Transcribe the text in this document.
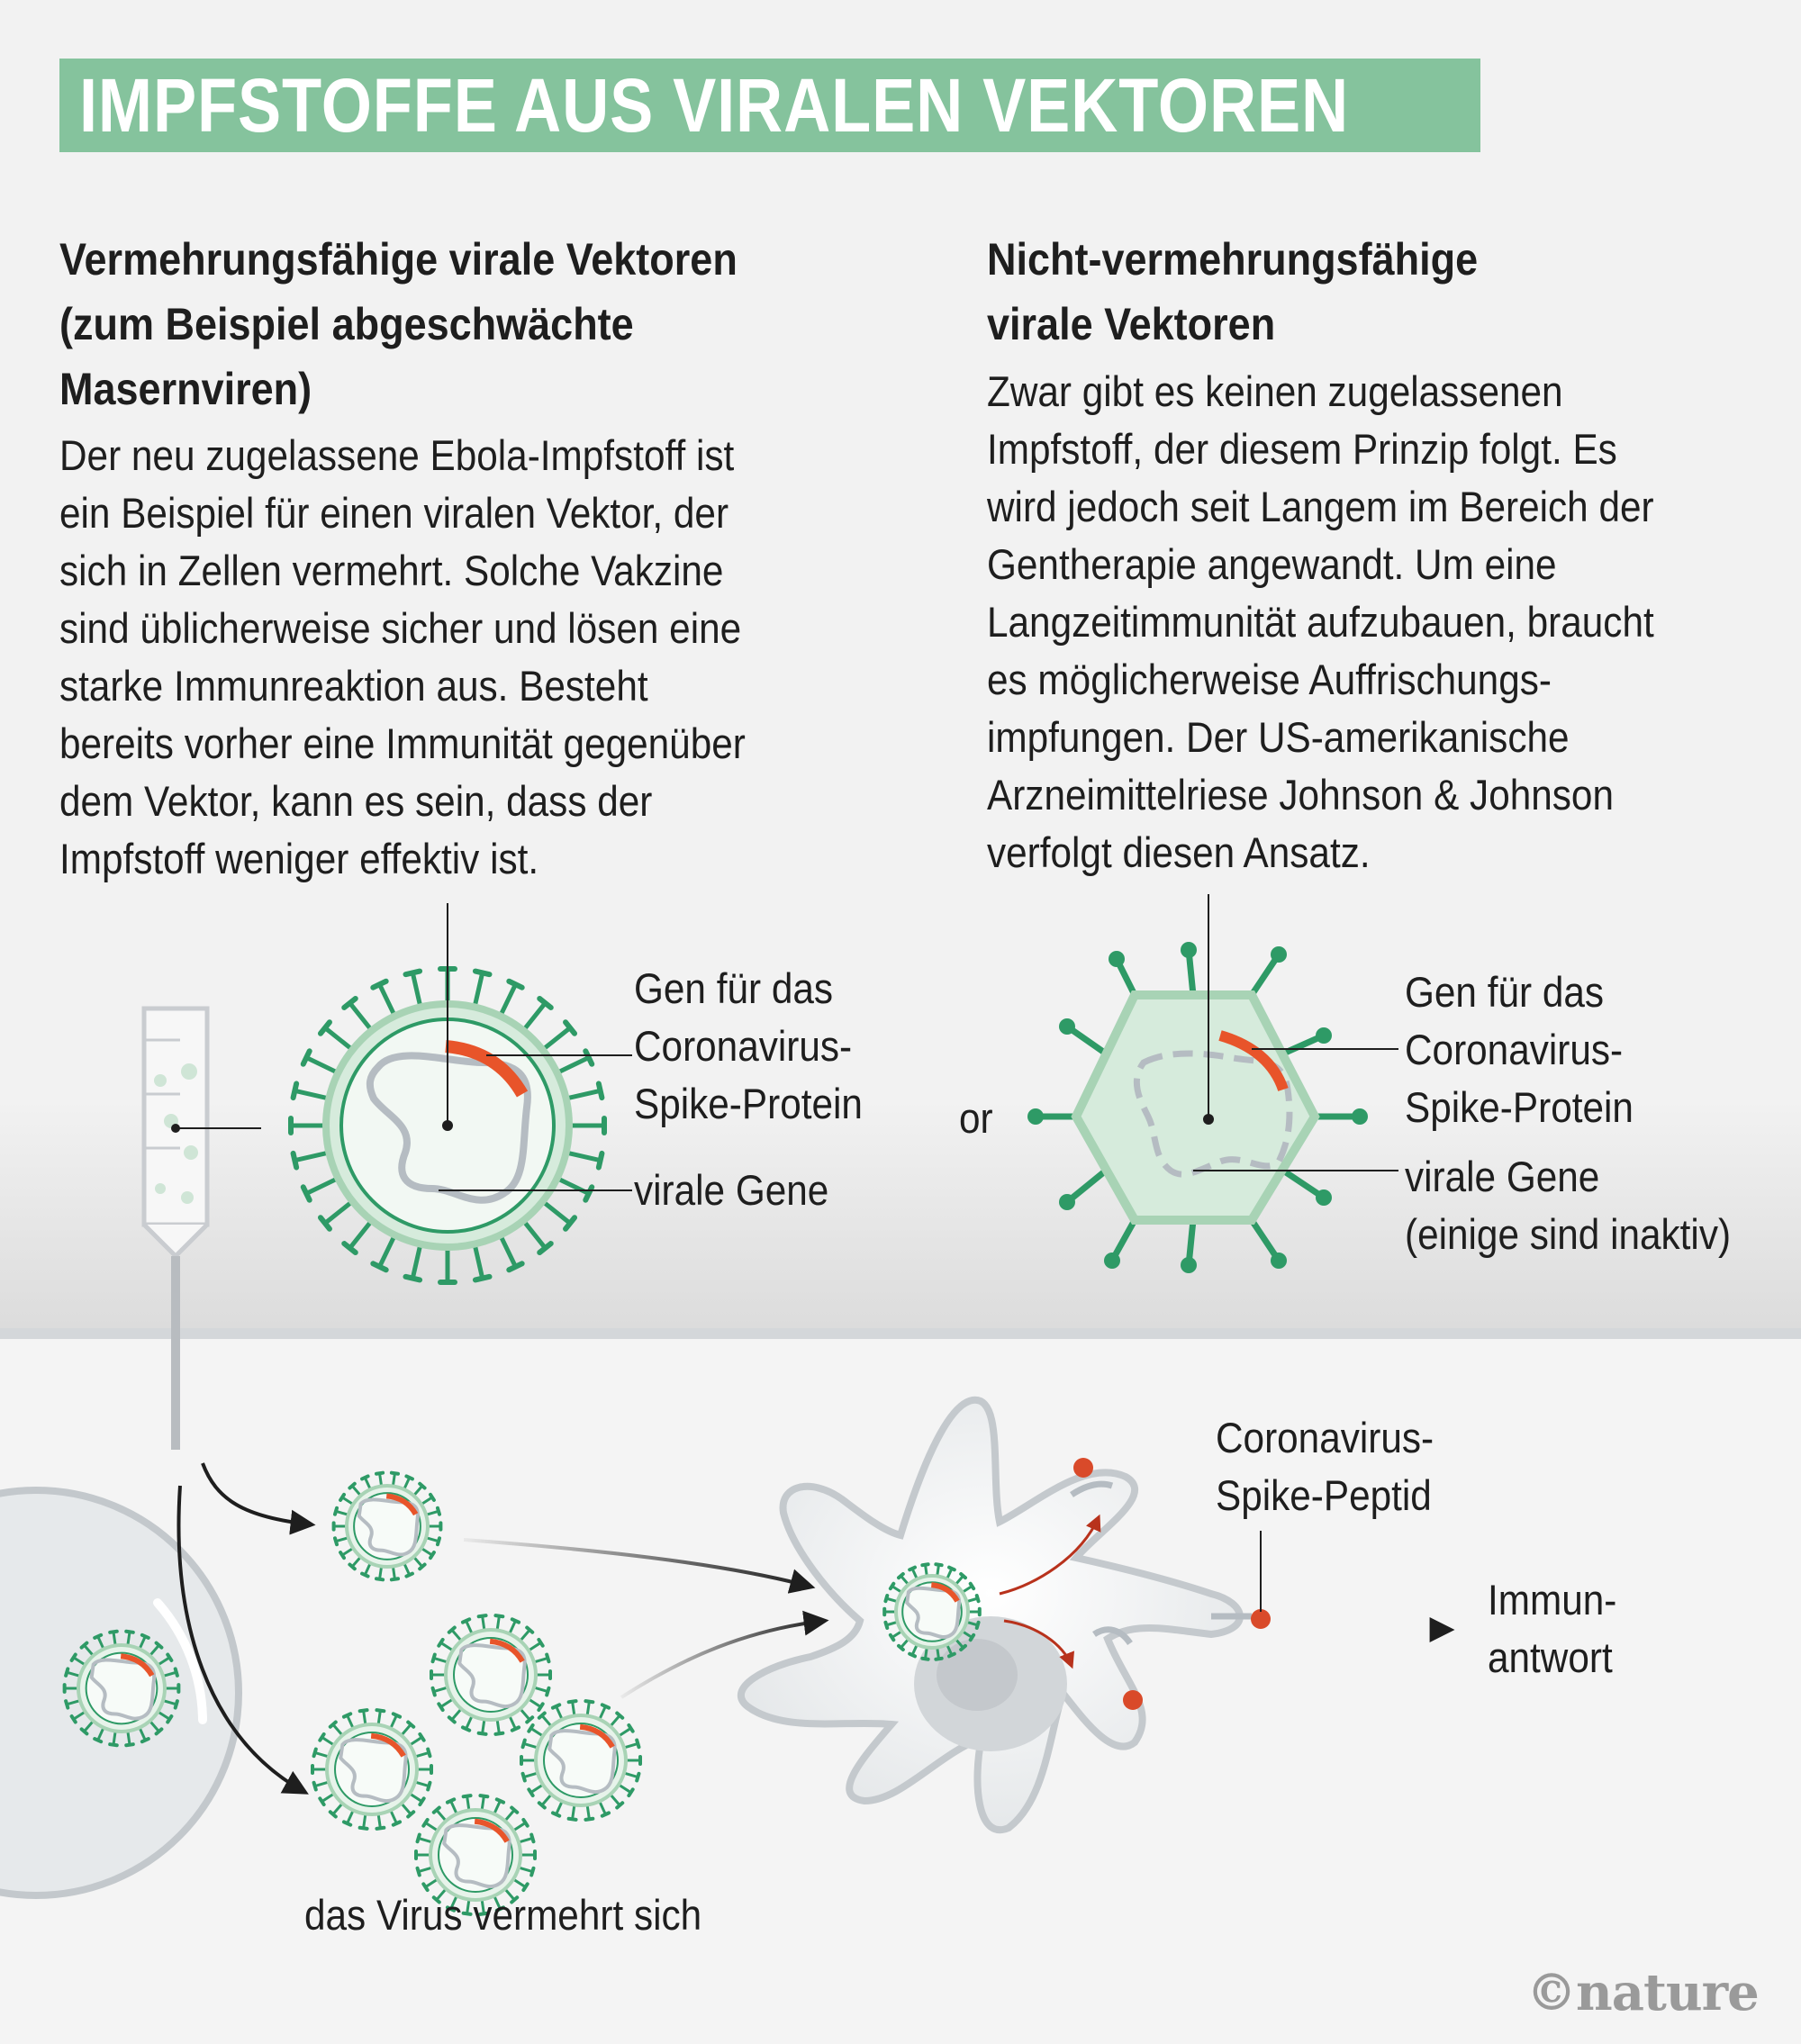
IMPFSTOFFE AUS VIRALEN VEKTOREN
Vermehrungsfähige virale Vektoren
(zum Beispiel abgeschwächte
Masernviren)
Der neu zugelassene Ebola-Impfstoff ist
ein Beispiel für einen viralen Vektor, der
sich in Zellen vermehrt. Solche Vakzine
sind üblicherweise sicher und lösen eine
starke Immunreaktion aus. Besteht
bereits vorher eine Immunität gegenüber
dem Vektor, kann es sein, dass der
Impfstoff weniger effektiv ist.
Nicht-vermehrungsfähige
virale Vektoren
Zwar gibt es keinen zugelassenen
Impfstoff, der diesem Prinzip folgt. Es
wird jedoch seit Langem im Bereich der
Gentherapie angewandt. Um eine
Langzeitimmunität aufzubauen, braucht
es möglicherweise Auffrischungs-
impfungen. Der US-amerikanische
Arzneimittelriese Johnson & Johnson
verfolgt diesen Ansatz.
Gen für das
Coronavirus-
Spike-Protein
virale Gene
or
Gen für das
Coronavirus-
Spike-Protein
virale Gene
(einige sind inaktiv)
Coronavirus-
Spike-Peptid
Immun-
antwort
das Virus vermehrt sich
©nature
